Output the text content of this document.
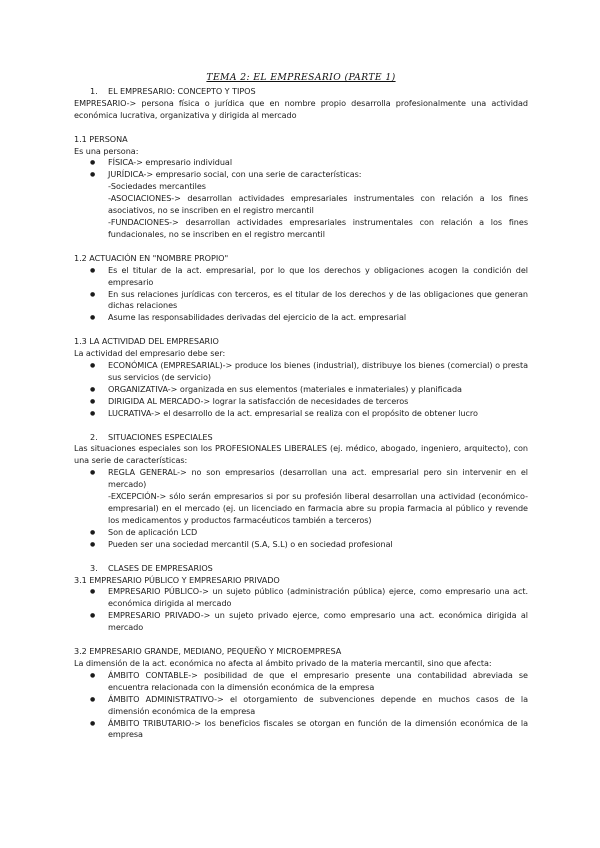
TEMA 2: EL EMPRESARIO (PARTE 1)

1. EL EMPRESARIO: CONCEPTO Y TIPOS

EMPRESARIO-> persona física o jurídica que en nombre propio desarrolla profesionalmente una actividad económica lucrativa, organizativa y dirigida al mercado

1.1 PERSONA

Es una persona:

● FÍSICA-> empresario individual
● JURÍDICA-> empresario social, con una serie de características:

-Sociedades mercantiles

-ASOCIACIONES-> desarrollan actividades empresariales instrumentales con relación a los fines asociativos, no se inscriben en el registro mercantil

-FUNDACIONES-> desarrollan actividades empresariales instrumentales con relación a los fines fundacionales, no se inscriben en el registro mercantil

1.2 ACTUACIÓN EN "NOMBRE PROPIO"

● Es el titular de la act. empresarial, por lo que los derechos y obligaciones acogen la condición del empresario
● En sus relaciones jurídicas con terceros, es el titular de los derechos y de las obligaciones que generan dichas relaciones
● Asume las responsabilidades derivadas del ejercicio de la act. empresarial

1.3 LA ACTIVIDAD DEL EMPRESARIO

La actividad del empresario debe ser:

● ECONÓMICA (EMPRESARIAL)-> produce los bienes (industrial), distribuye los bienes (comercial) o presta sus servicios (de servicio)
● ORGANIZATIVA-> organizada en sus elementos (materiales e inmateriales) y planificada
● DIRIGIDA AL MERCADO-> lograr la satisfacción de necesidades de terceros
● LUCRATIVA-> el desarrollo de la act. empresarial se realiza con el propósito de obtener lucro

2. SITUACIONES ESPECIALES

Las situaciones especiales son los PROFESIONALES LIBERALES (ej. médico, abogado, ingeniero, arquitecto), con una serie de características:

● REGLA GENERAL-> no son empresarios (desarrollan una act. empresarial pero sin intervenir en el mercado)

-EXCEPCIÓN-> sólo serán empresarios si por su profesión liberal desarrollan una actividad (económico-empresarial) en el mercado (ej. un licenciado en farmacia abre su propia farmacia al público y revende los medicamentos y productos farmacéuticos también a terceros)

● Son de aplicación LCD
● Pueden ser una sociedad mercantil (S.A, S.L) o en sociedad profesional

3. CLASES DE EMPRESARIOS

3.1 EMPRESARIO PÚBLICO Y EMPRESARIO PRIVADO

● EMPRESARIO PÚBLICO-> un sujeto público (administración pública) ejerce, como empresario una act. económica dirigida al mercado
● EMPRESARIO PRIVADO-> un sujeto privado ejerce, como empresario una act. económica dirigida al mercado

3.2 EMPRESARIO GRANDE, MEDIANO, PEQUEÑO Y MICROEMPRESA

La dimensión de la act. económica no afecta al ámbito privado de la materia mercantil, sino que afecta:

● ÁMBITO CONTABLE-> posibilidad de que el empresario presente una contabilidad abreviada se encuentra relacionada con la dimensión económica de la empresa
● ÁMBITO ADMINISTRATIVO-> el otorgamiento de subvenciones depende en muchos casos de la dimensión económica de la empresa
● ÁMBITO TRIBUTARIO-> los beneficios fiscales se otorgan en función de la dimensión económica de la empresa
